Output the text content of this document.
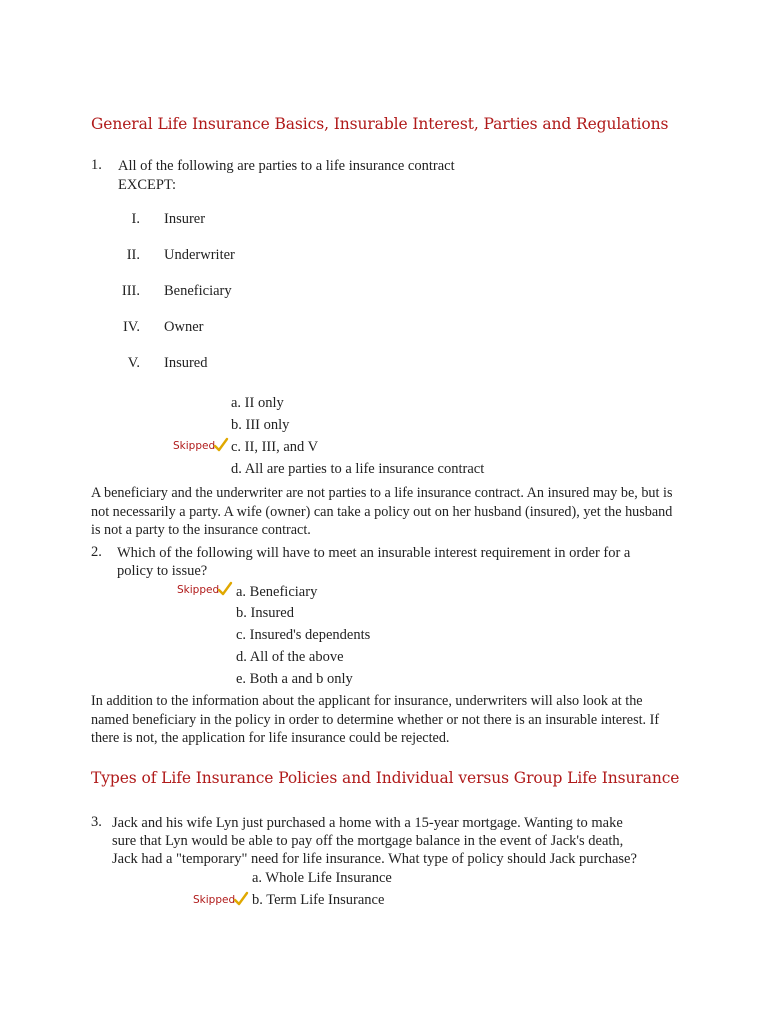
General Life Insurance Basics, Insurable Interest, Parties and Regulations
1. All of the following are parties to a life insurance contract
EXCEPT:
I. Insurer
II. Underwriter
III. Beneficiary
IV. Owner
V. Insured
a. II only
b. III only
Skipped c. II, III, and V
d. All are parties to a life insurance contract
A beneficiary and the underwriter are not parties to a life insurance contract. An insured may be, but is not necessarily a party. A wife (owner) can take a policy out on her husband (insured), yet the husband is not a party to the insurance contract.
2. Which of the following will have to meet an insurable interest requirement in order for a
policy to issue?
Skipped a. Beneficiary
b. Insured
c. Insured's dependents
d. All of the above
e. Both a and b only
In addition to the information about the applicant for insurance, underwriters will also look at the named beneficiary in the policy in order to determine whether or not there is an insurable interest. If there is not, the application for life insurance could be rejected.
Types of Life Insurance Policies and Individual versus Group Life Insurance
3. Jack and his wife Lyn just purchased a home with a 15-year mortgage. Wanting to make
sure that Lyn would be able to pay off the mortgage balance in the event of Jack's death,
Jack had a "temporary" need for life insurance. What type of policy should Jack purchase?
a. Whole Life Insurance
Skipped b. Term Life Insurance
